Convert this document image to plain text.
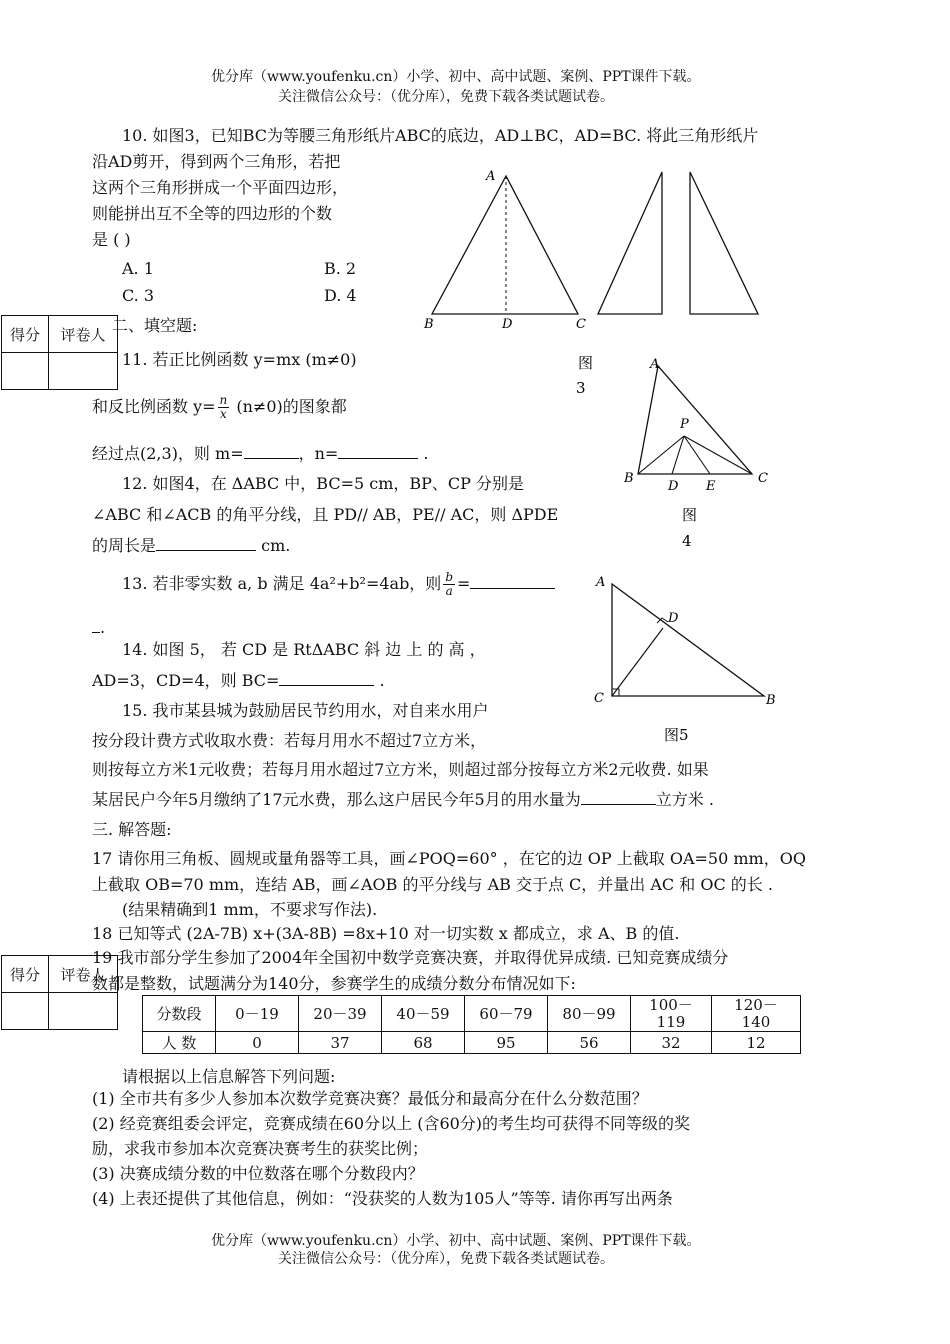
优分库（www.youfenku.cn）小学、初中、高中试题、案例、PPT课件下载。
关注微信公众号：（优分库），免费下载各类试题试卷。
10. 如图3，已知BC为等腰三角形纸片ABC的底边，AD⊥BC，AD=BC. 将此三角形纸片
沿AD剪开，得到两个三角形，若把
这两个三角形拼成一个平面四边形，
则能拼出互不全等的四边形的个数
是 ( )
A. 1	B. 2
C. 3	D. 4
A
B	D	C
图
3
得分	评卷人
	二、填空题:
11. 若正比例函数 y=mx (m≠0)
和反比例函数 $y= \frac{n}{x} (n\ne 0)$的图象都
经过点(2,3)，则 m=	，n=	.
A
P
B
D E
C
图
4
12. 如图4，在 ΔABC 中，BC=5 cm，BP、CP 分别是
∠ABC 和∠ACB 的角平分线，且 PD// AB，PE// AC，则 ΔPDE
的周长是	cm.
13. 若非零实数 a, b 满足 4a²+b²=4ab，则 $\frac{b}{a}$ =
.
A
D
C	B
图5
14. 如图 5， 若 CD 是 RtΔABC 斜 边 上 的 高 ，
AD=3，CD=4，则 BC=	.
15. 我市某县城为鼓励居民节约用水，对自来水用户
按分段计费方式收取水费：若每月用水不超过7立方米，
则按每立方米1元收费；若每月用水超过7立方米，则超过部分按每立方米2元收费. 如果
某居民户今年5月缴纳了17元水费，那么这户居民今年5月的用水量为	立方米 .
三. 解答题:
17 请你用三角板、圆规或量角器等工具，画∠POQ=60° ，在它的边 OP 上截取 OA=50 mm，OQ
上截取 OB=70 mm，连结 AB，画∠AOB 的平分线与 AB 交于点 C，并量出 AC 和 OC 的长 .
(结果精确到1 mm，不要求写作法).
18 已知等式 (2A-7B) x+(3A-8B) =8x+10 对一切实数 x 都成立，求 A、B 的值.
得分	评卷人

19 我市部分学生参加了2004年全国初中数学竞赛决赛，并取得优异成绩. 已知竞赛成绩分
数都是整数，试题满分为140分，参赛学生的成绩分数分布情况如下:
分数段	0－19	20－39	40－59	60－79	80－99	100－
119	120－
140
人 数	0	37	68	95	56	32	12
请根据以上信息解答下列问题:
(1) 全市共有多少人参加本次数学竞赛决赛？最低分和最高分在什么分数范围？
(2) 经竞赛组委会评定，竞赛成绩在60分以上 (含60分)的考生均可获得不同等级的奖
励，求我市参加本次竞赛决赛考生的获奖比例；
(3) 决赛成绩分数的中位数落在哪个分数段内？
(4) 上表还提供了其他信息，例如：“没获奖的人数为105人”等等. 请你再写出两条
优分库（www.youfenku.cn）小学、初中、高中试题、案例、PPT课件下载。
关注微信公众号：（优分库），免费下载各类试题试卷。
